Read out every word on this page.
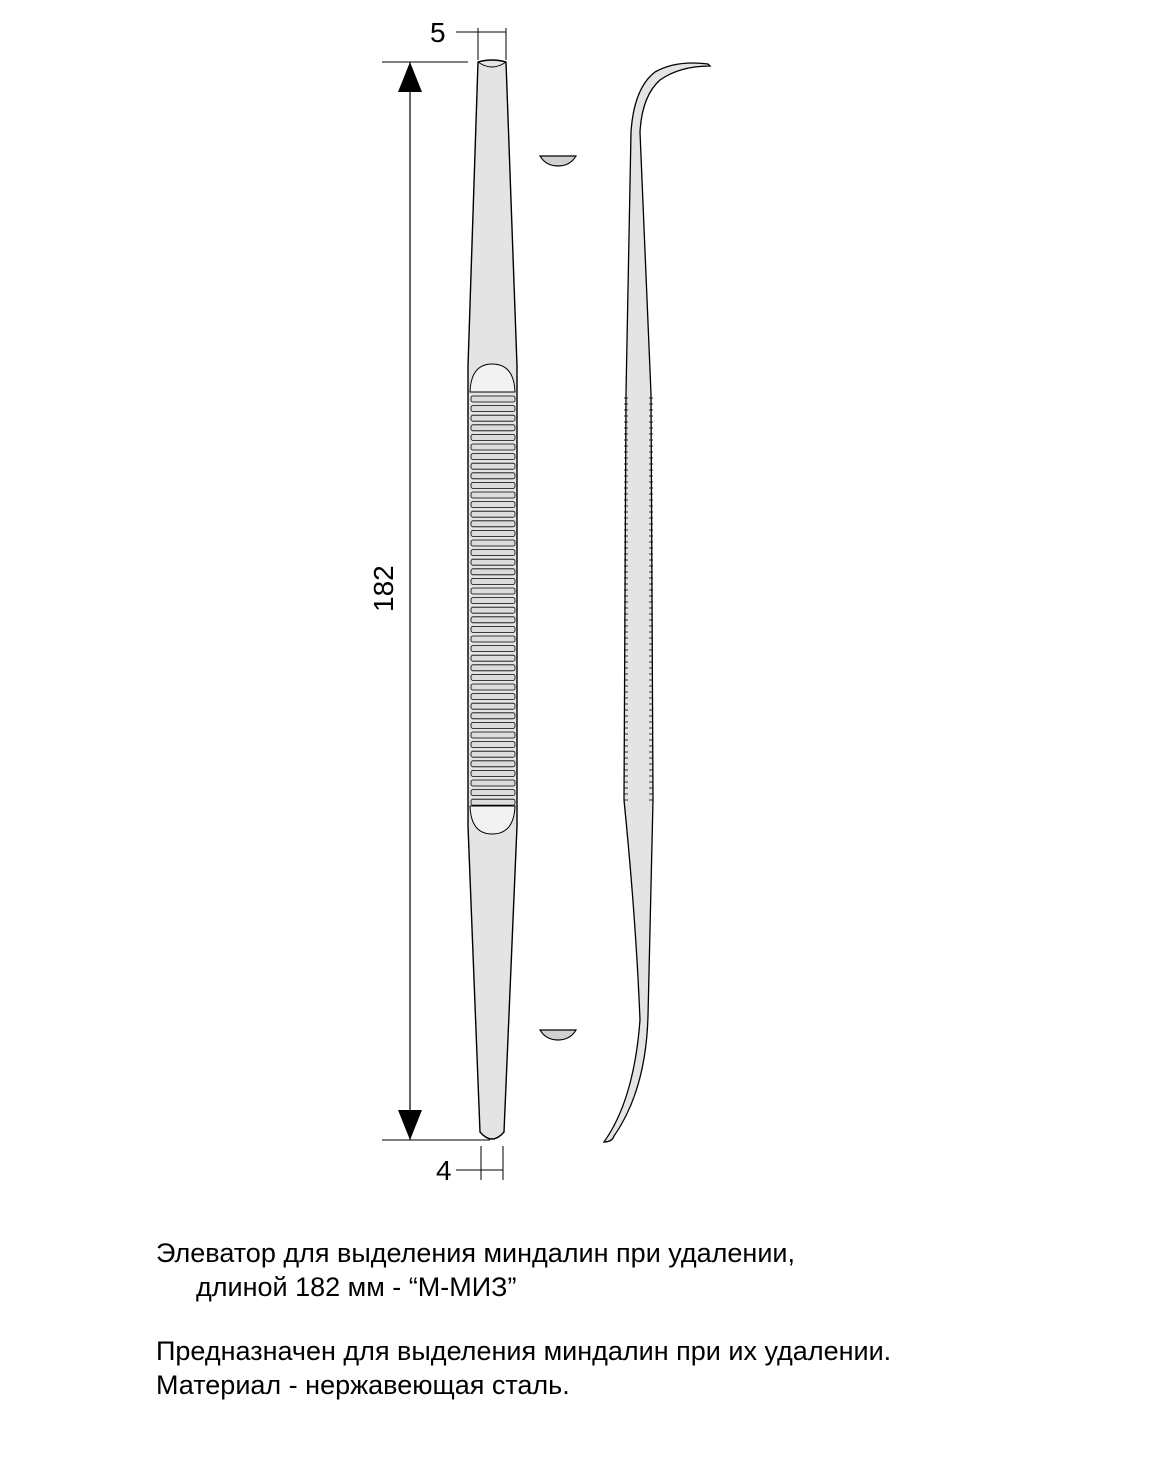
5
182
4
Элеватор для выделения миндалин при удалении,
длиной 182 мм - “М-МИЗ”
Предназначен для выделения миндалин при их удалении.
Материал - нержавеющая сталь.
